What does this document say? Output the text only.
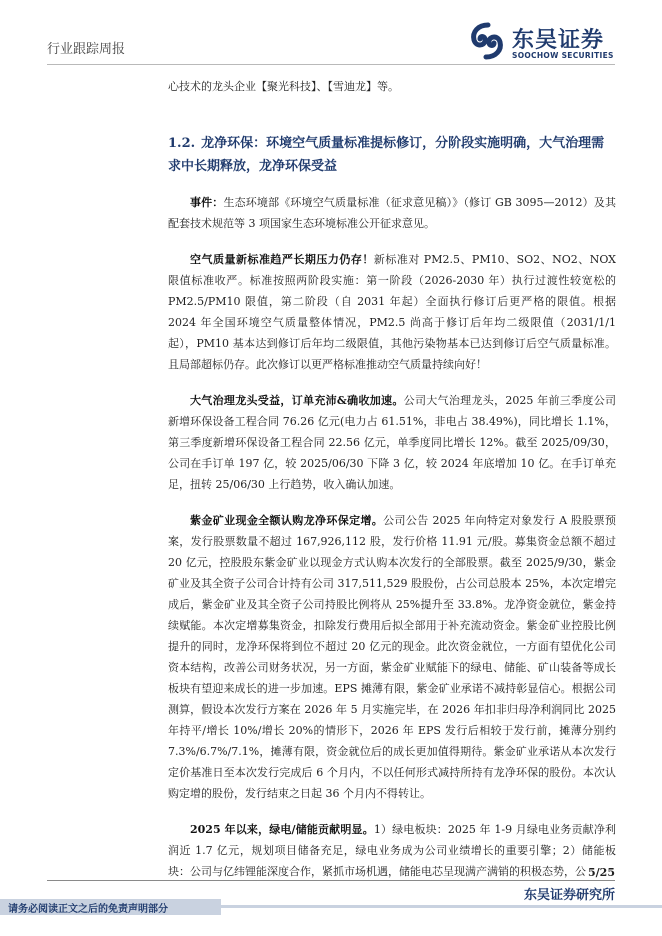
行业跟踪周报	东吴证券
SOOCHOW SECURITIES

心技术的龙头企业【聚光科技】、【雪迪龙】等。

1.2. 龙净环保：环境空气质量标准提标修订，分阶段实施明确，大气治理需求中长期释放，龙净环保受益

事件：生态环境部《环境空气质量标准（征求意见稿）》（修订 GB 3095—2012）及其配套技术规范等 3 项国家生态环境标准公开征求意见。

空气质量新标准趋严长期压力仍存！新标准对 PM2.5、PM10、SO2、NO2、NOX 限值标准收严。标准按照两阶段实施：第一阶段（2026-2030 年）执行过渡性较宽松的 PM2.5/PM10 限值，第二阶段（自 2031 年起）全面执行修订后更严格的限值。根据 2024 年全国环境空气质量整体情况，PM2.5 尚高于修订后年均二级限值（2031/1/1 起），PM10 基本达到修订后年均二级限值，其他污染物基本已达到修订后空气质量标准。且局部超标仍存。此次修订以更严格标准推动空气质量持续向好！

大气治理龙头受益，订单充沛&确收加速。公司大气治理龙头，2025 年前三季度公司新增环保设备工程合同 76.26 亿元(电力占 61.51%，非电占 38.49%)，同比增长 1.1%，第三季度新增环保设备工程合同 22.56 亿元，单季度同比增长 12%。截至 2025/09/30，公司在手订单 197 亿，较 2025/06/30 下降 3 亿，较 2024 年底增加 10 亿。在手订单充足，扭转 25/06/30 上行趋势，收入确认加速。

紫金矿业现金全额认购龙净环保定增。公司公告 2025 年向特定对象发行 A 股股票预案，发行股票数量不超过 167,926,112 股，发行价格 11.91 元/股。募集资金总额不超过 20 亿元，控股股东紫金矿业以现金方式认购本次发行的全部股票。截至 2025/9/30，紫金矿业及其全资子公司合计持有公司 317,511,529 股股份，占公司总股本 25%，本次定增完成后，紫金矿业及其全资子公司持股比例将从 25%提升至 33.8%。龙净资金就位，紫金持续赋能。本次定增募集资金，扣除发行费用后拟全部用于补充流动资金。紫金矿业控股比例提升的同时，龙净环保将到位不超过 20 亿元的现金。此次资金就位，一方面有望优化公司资本结构，改善公司财务状况，另一方面，紫金矿业赋能下的绿电、储能、矿山装备等成长板块有望迎来成长的进一步加速。EPS 摊薄有限，紫金矿业承诺不减持彰显信心。根据公司测算，假设本次发行方案在 2026 年 5 月实施完毕，在 2026 年扣非归母净利润同比 2025 年持平/增长 10%/增长 20%的情形下，2026 年 EPS 发行后相较于发行前，摊薄分别约 7.3%/6.7%/7.1%，摊薄有限，资金就位后的成长更加值得期待。紫金矿业承诺从本次发行定价基准日至本次发行完成后 6 个月内，不以任何形式减持所持有龙净环保的股份。本次认购定增的股份，发行结束之日起 36 个月内不得转让。

2025 年以来，绿电/储能贡献明显。1）绿电板块：2025 年 1-9 月绿电业务贡献净利润近 1.7 亿元，规划项目储备充足，绿电业务成为公司业绩增长的重要引擎；2）储能板块：公司与亿纬锂能深度合作，紧抓市场机遇，储能电芯呈现满产满销的积极态势，公 5/25
东吴证券研究所
请务必阅读正文之后的免责声明部分
